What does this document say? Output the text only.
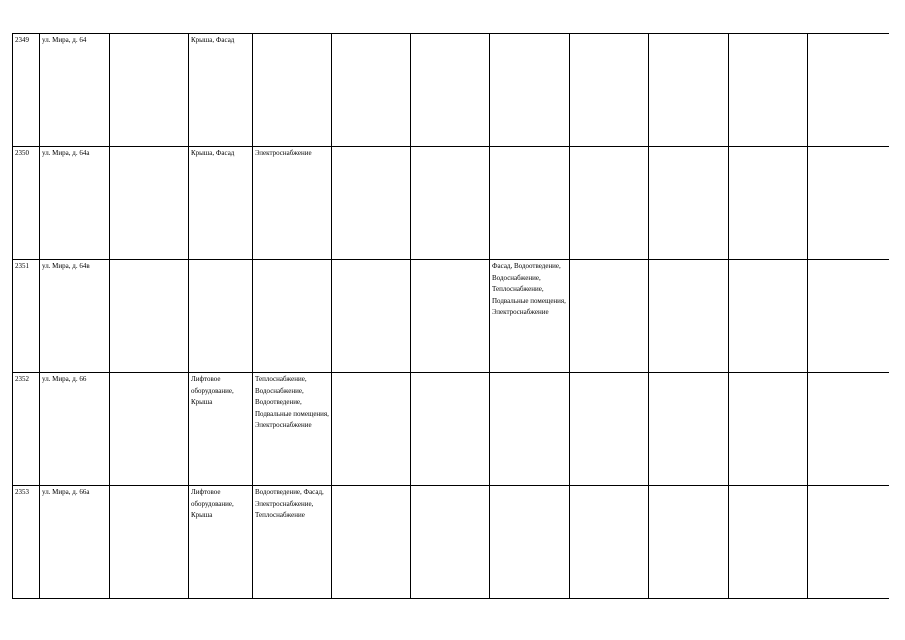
2349	ул. Мира, д. 64		Крыша, Фасад								
2350	ул. Мира, д. 64а		Крыша, Фасад	Электроснабжение							
2351	ул. Мира, д. 64в						Фасад, Водоотведение, Водоснабжение, Теплоснабжение, Подвальные помещения, Электроснабжение				
2352	ул. Мира, д. 66		Лифтовое оборудование, Крыша	Теплоснабжение, Водоснабжение, Водоотведение, Подвальные помещения, Электроснабжение							
2353	ул. Мира, д. 66а		Лифтовое оборудование, Крыша	Водоотведение, Фасад, Электроснабжение, Теплоснабжение							
